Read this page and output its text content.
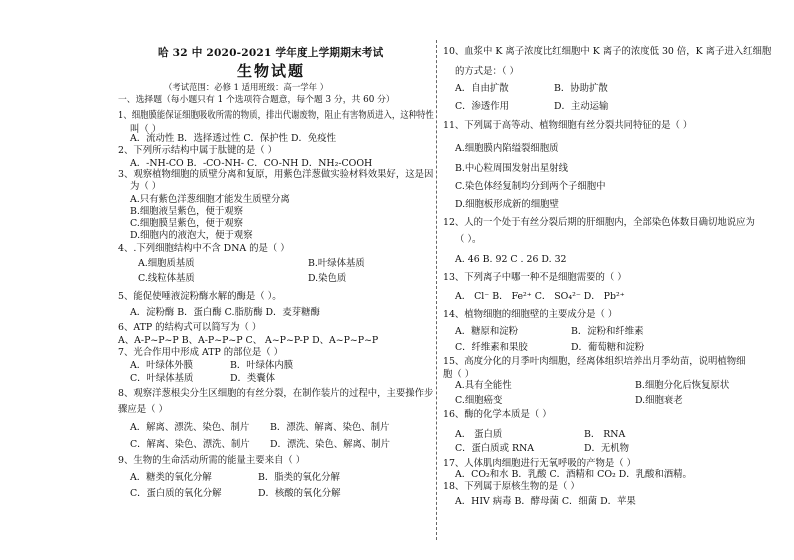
哈 32 中 2020-2021 学年度上学期期末考试
生物试题
（考试范围：必修 1 适用班级：高一学年 ）
一、选择题（每小题只有 1 个选项符合题意，每个题 3 分，共 60 分）
1、细胞膜能保证细胞吸收所需的物质，排出代谢废物，阻止有害物质进入，这种特性
叫（ ）
A．流动性 B．选择透过性 C．保护性 D．免疫性
2、下列所示结构中属于肽键的是（ ）
A．-NH-CO B．-CO-NH- C．CO-NH D．NH₂-COOH
3、观察植物细胞的质壁分离和复原，用紫色洋葱做实验材料效果好，这是因
为（ ）
A.只有紫色洋葱细胞才能发生质壁分离
B.细胞液呈紫色，便于观察
C.细胞膜呈紫色，便于观察
D.细胞内的液泡大，便于观察
4、.下列细胞结构中不含 DNA 的是（ ）
A.细胞质基质	B.叶绿体基质
C.线粒体基质	D.染色质
5、能促使唾液淀粉酶水解的酶是（ ）。
A．淀粉酶 B．蛋白酶 C.脂肪酶 D．麦芽糖酶
6、ATP 的结构式可以简写为（ ）
A、A-P~P~P B、A-P~P~P C、 A~P~P-P D、A~P~P~P
7、光合作用中形成 ATP 的部位是（ ）
A．叶绿体外膜	B．叶绿体内膜
C．叶绿体基质	D．类囊体
8、观察洋葱根尖分生区细胞的有丝分裂，在制作装片的过程中，主要操作步
骤应是（ ）
A．解离、漂洗、染色、制片 B．漂洗、解离、染色、制片
C．解离、染色、漂洗、制片 D．漂洗、染色、解离、制片
9、生物的生命活动所需的能量主要来自（ ）
A．糖类的氧化分解	B．脂类的氧化分解
C．蛋白质的氧化分解	D．核酸的氧化分解
10、血浆中 K 离子浓度比红细胞中 K 离子的浓度低 30 倍，K 离子进入红细胞
的方式是：（ ）
A．自由扩散	B．协助扩散
C．渗透作用	D．主动运输
11、下列属于高等动、植物细胞有丝分裂共同特征的是（ ）
A.细胞膜内陷缢裂细胞质
B.中心粒周围发射出星射线
C.染色体经复制均分到两个子细胞中
D.细胞板形成新的细胞壁
12、人的一个处于有丝分裂后期的肝细胞内，全部染色体数目确切地说应为
（ ）。
A. 46 B. 92 C . 26 D. 32
13、下列离子中哪一种不是细胞需要的（ ）
A． Cl⁻ B． Fe²⁺ C． SO₄²⁻ D． Pb²⁺
14、植物细胞的细胞壁的主要成分是（ ）
A．糖原和淀粉	B．淀粉和纤维素
C．纤维素和果胶	D．葡萄糖和淀粉
15、高度分化的月季叶肉细胞，经离体组织培养出月季幼苗，说明植物细
胞（ ）
A.具有全能性	B.细胞分化后恢复原状
C.细胞癌变	D.细胞衰老
16、酶的化学本质是（ ）
A． 蛋白质	B． RNA
C．蛋白质或 RNA	D．无机物
17、人体肌肉细胞进行无氧呼吸的产物是（ ）
A．CO₂和水 B．乳酸 C．酒精和 CO₂ D．乳酸和酒精。
18、下列属于原核生物的是（ ）
A．HIV 病毒 B．酵母菌 C．细菌 D．苹果
